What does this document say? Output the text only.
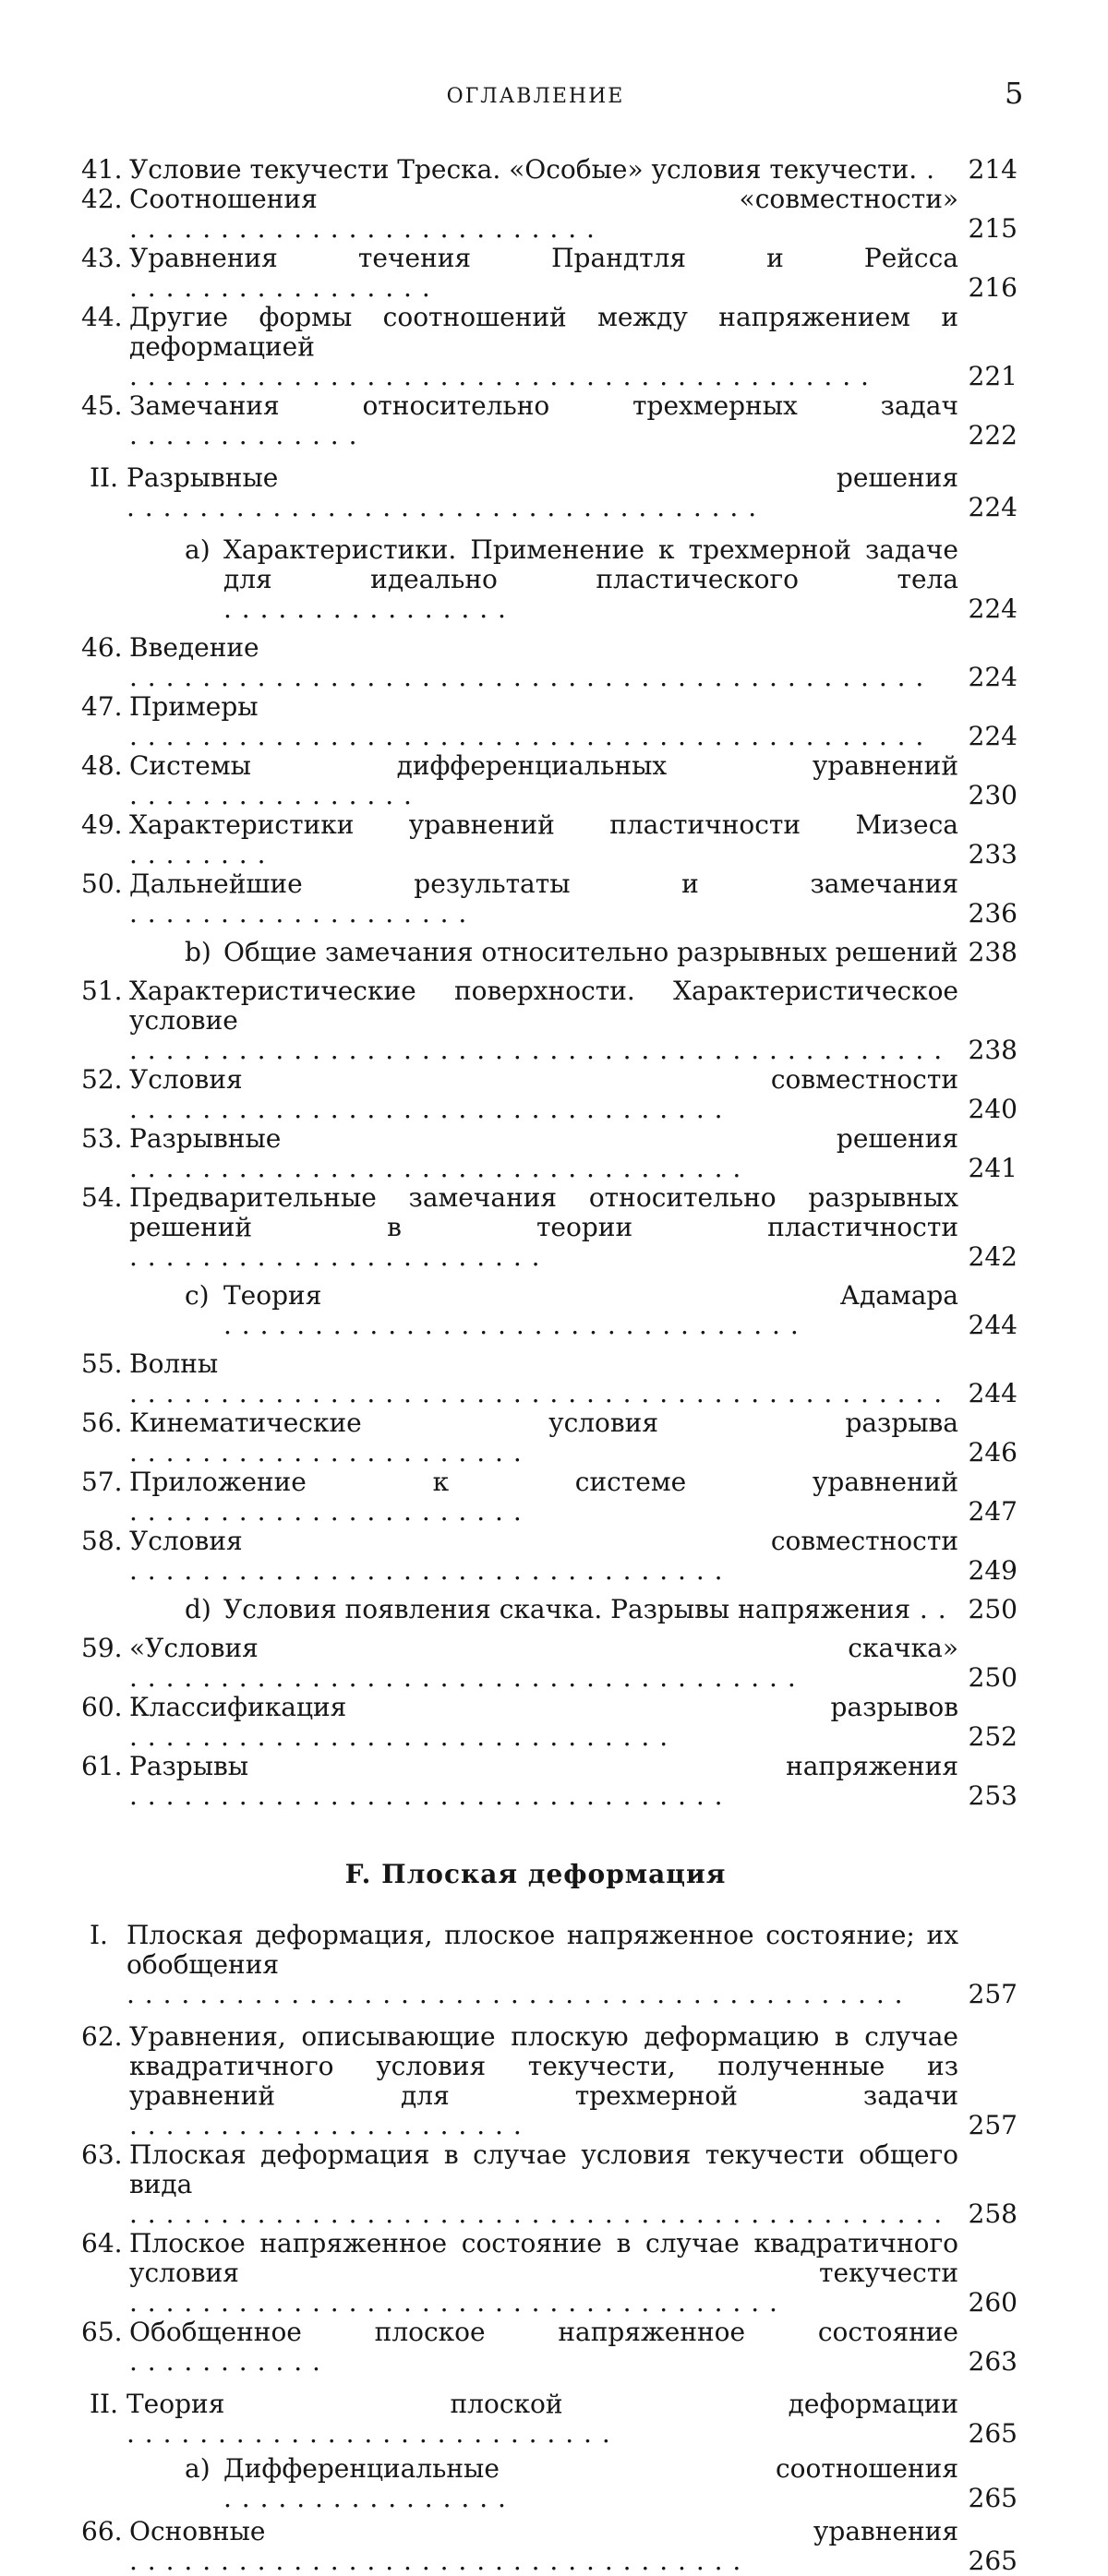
ОГЛАВЛЕНИЕ	5
41. Условие текучести Треска. «Особые» условия текучести. .	214
42. Соотношения «совместности» . . . . . . . . . . . . . . . . . . . . . . . . . .	215
43. Уравнения течения Прандтля и Рейсса . . . . . . . . . . . . . . . . .	216
44. Другие формы соотношений между напряжением и деформацией . . . . . . . . . . . . . . . . . . . . . . . . . . . . . . . . . . . . . . . . .	221
45. Замечания относительно трехмерных задач . . . . . . . . . . . . .	222
II. Разрывные решения . . . . . . . . . . . . . . . . . . . . . . . . . . . . . . . . . . .	224
a) Характеристики. Применение к трехмерной задаче для идеально пластического тела . . . . . . . . . . . . . . . .	224
46. Введение . . . . . . . . . . . . . . . . . . . . . . . . . . . . . . . . . . . . . . . . . . . .	224
47. Примеры . . . . . . . . . . . . . . . . . . . . . . . . . . . . . . . . . . . . . . . . . . . .	224
48. Системы дифференциальных уравнений . . . . . . . . . . . . . . . .	230
49. Характеристики уравнений пластичности Мизеса . . . . . . . .	233
50. Дальнейшие результаты и замечания . . . . . . . . . . . . . . . . . . .	236
b) Общие замечания относительно разрывных решений 238
51. Характеристические поверхности. Характеристическое условие . . . . . . . . . . . . . . . . . . . . . . . . . . . . . . . . . . . . . . . . . . . . . 238
52. Условия совместности . . . . . . . . . . . . . . . . . . . . . . . . . . . . . . . . .	240
53. Разрывные решения . . . . . . . . . . . . . . . . . . . . . . . . . . . . . . . . . .	241
54. Предварительные замечания относительно разрывных решений в теории пластичности . . . . . . . . . . . . . . . . . . . . . . .	242
c) Теория Адамара . . . . . . . . . . . . . . . . . . . . . . . . . . . . . . . .	244
55. Волны . . . . . . . . . . . . . . . . . . . . . . . . . . . . . . . . . . . . . . . . . . . . . 244
56. Кинематические условия разрыва . . . . . . . . . . . . . . . . . . . . . .	246
57. Приложение к системе уравнений . . . . . . . . . . . . . . . . . . . . . .	247
58. Условия совместности . . . . . . . . . . . . . . . . . . . . . . . . . . . . . . . . .	249
d) Условия появления скачка. Разрывы напряжения . . 250
59. «Условия скачка» . . . . . . . . . . . . . . . . . . . . . . . . . . . . . . . . . . . . .	250
60. Классификация разрывов . . . . . . . . . . . . . . . . . . . . . . . . . . . . . .	252
61. Разрывы напряжения . . . . . . . . . . . . . . . . . . . . . . . . . . . . . . . . .	253
F. Плоская деформация
I. Плоская деформация, плоское напряженное состояние; их обобщения . . . . . . . . . . . . . . . . . . . . . . . . . . . . . . . . . . . . . . . . . . .	257
62. Уравнения, описывающие плоскую деформацию в случае квадратичного условия текучести, полученные из уравнений для трехмерной задачи . . . . . . . . . . . . . . . . . . . . . .	257
63. Плоская деформация в случае условия текучести общего вида . . . . . . . . . . . . . . . . . . . . . . . . . . . . . . . . . . . . . . . . . . . . . 258
64. Плоское напряженное состояние в случае квадратичного условия текучести . . . . . . . . . . . . . . . . . . . . . . . . . . . . . . . . . . . .	260
65. Обобщенное плоское напряженное состояние . . . . . . . . . . .	263
II. Теория плоской деформации . . . . . . . . . . . . . . . . . . . . . . . . . . .	265
a) Дифференциальные соотношения . . . . . . . . . . . . . . . .	265
66. Основные уравнения . . . . . . . . . . . . . . . . . . . . . . . . . . . . . . . . . .	265
